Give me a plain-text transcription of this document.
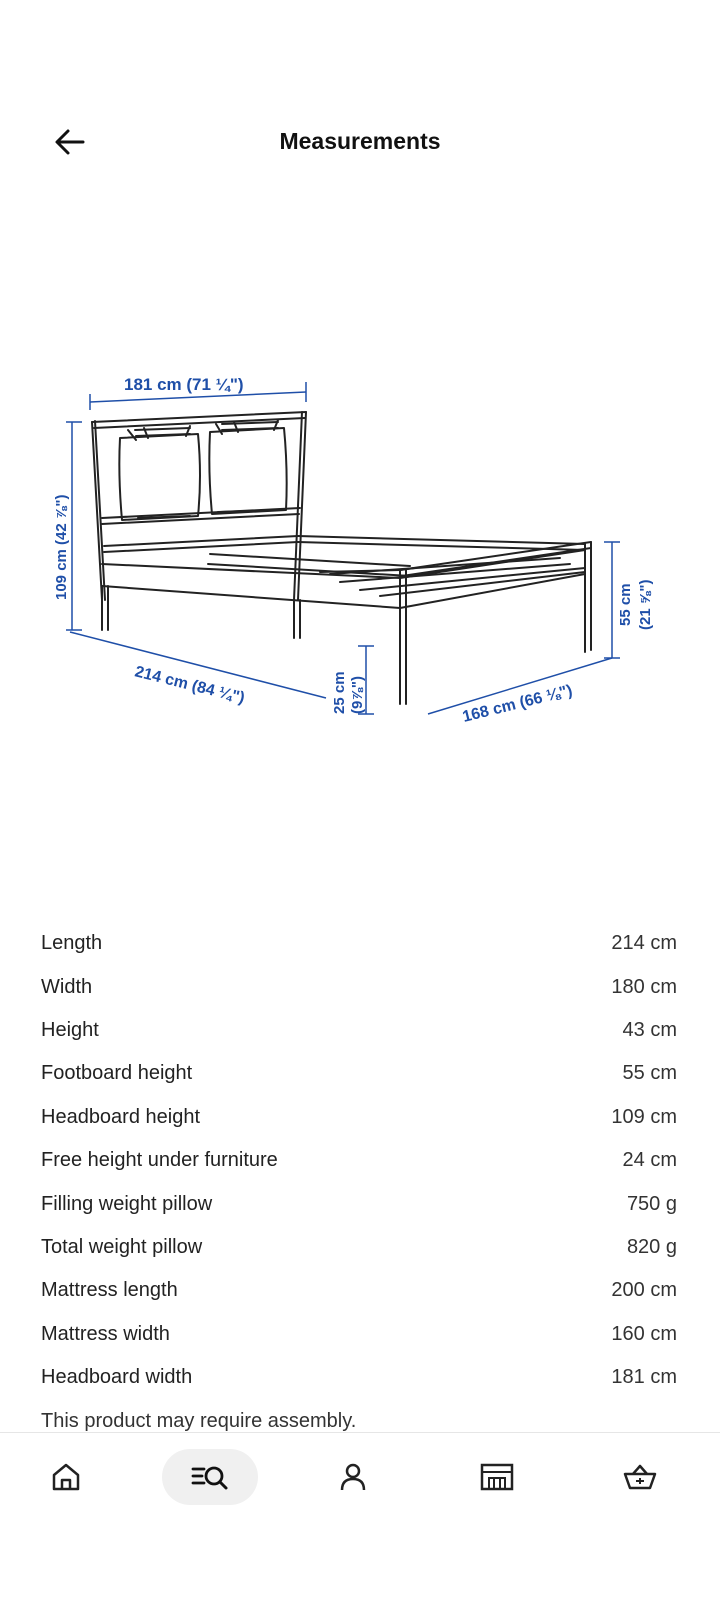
Measurements
181 cm (71 ¼")
109 cm (42 ⅞")
214 cm (84 ¼")	25 cm (9⅞")	168 cm (66 ⅛")
55 cm (21 ⅝")
Length	214 cm
Width	180 cm
Height	43 cm
Footboard height	55 cm
Headboard height	109 cm
Free height under furniture	24 cm
Filling weight pillow	750 g
Total weight pillow	820 g
Mattress length	200 cm
Mattress width	160 cm
Headboard width	181 cm
This product may require assembly.
